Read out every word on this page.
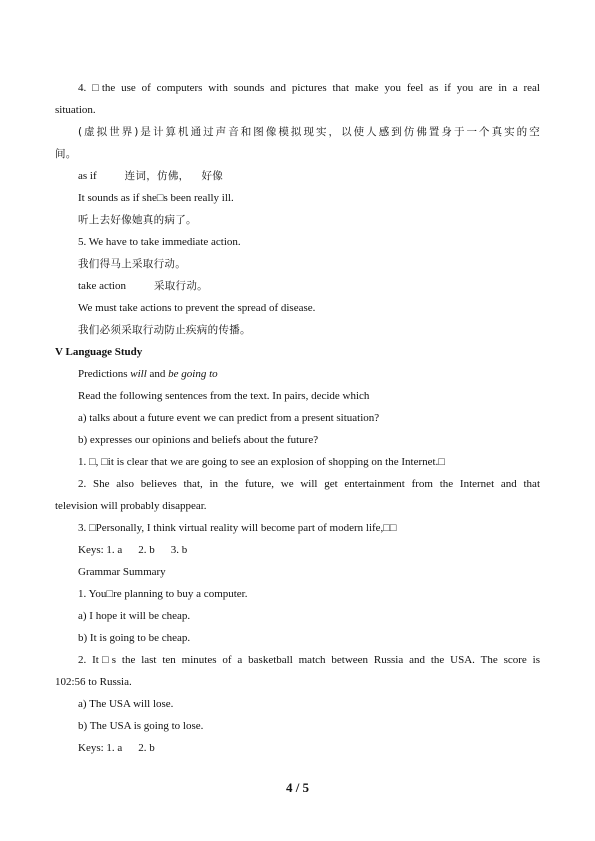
4. □the use of computers with sounds and pictures that make you feel as if you are in a real
situation.
(虚拟世界)是计算机通过声音和图像模拟现实，以使人感到仿佛置身于一个真实的空
间。
as if	连词，仿佛， 好像
It sounds as if she□s been really ill.
听上去好像她真的病了。
5. We have to take immediate action.
我们得马上采取行动。
take action	采取行动。
We must take actions to prevent the spread of disease.
我们必须采取行动防止疾病的传播。
V Language Study
Predictions will and be going to
Read the following sentences from the text. In pairs, decide which
a) talks about a future event we can predict from a present situation?
b) expresses our opinions and beliefs about the future?
1. □, □it is clear that we are going to see an explosion of shopping on the Internet.□
2. She also believes that, in the future, we will get entertainment from the Internet and that
television will probably disappear.
3. □Personally, I think virtual reality will become part of modern life,□□
Keys: 1. a 2. b 3. b
Grammar Summary
1. You□re planning to buy a computer.
a) I hope it will be cheap.
b) It is going to be cheap.
2. It□s the last ten minutes of a basketball match between Russia and the USA. The score is
102:56 to Russia.
a) The USA will lose.
b) The USA is going to lose.
Keys: 1. a 2. b
4 / 5
